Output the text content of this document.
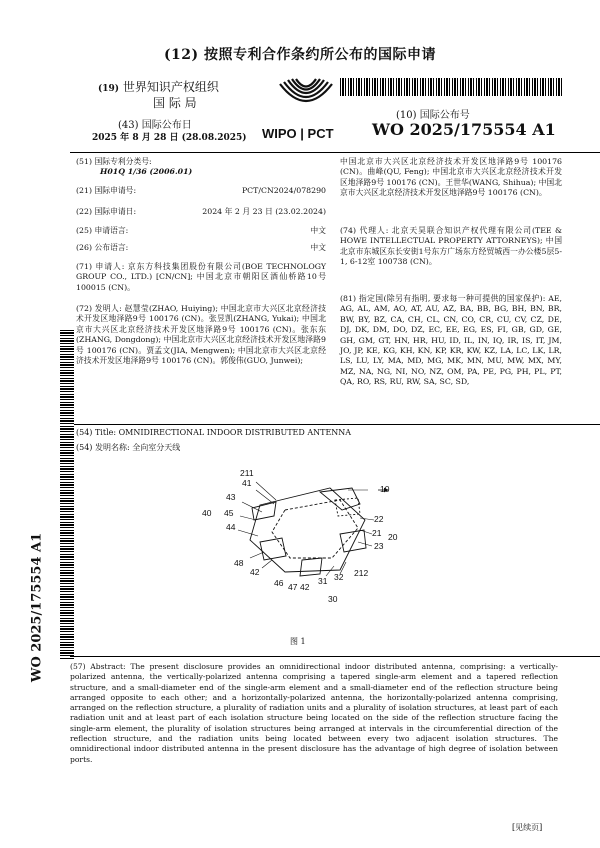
(12) 按照专利合作条约所公布的国际申请
(19) 世界知识产权组织
国 际 局
(43) 国际公布日
2025 年 8 月 28 日 (28.08.2025) WIPO | PCT
(10) 国际公布号
WO 2025/175554 A1
(51) 国际专利分类号:
H01Q 1/36 (2006.01)
(21) 国际申请号:	PCT/CN2024/078290
(22) 国际申请日:	2024 年 2 月 23 日 (23.02.2024)
(25) 申请语言:	中文
(26) 公布语言:	中文
(71) 申请人: 京东方科技集团股份有限公司(BOE TECHNOLOGY GROUP CO., LTD.) [CN/CN]; 中国北京市朝阳区酒仙桥路10号 100015 (CN)。
(72) 发明人: 赵慧莹(ZHAO, Huiying); 中国北京市大兴区北京经济技术开发区地泽路9号 100176 (CN)。张昱凯(ZHANG, Yukai); 中国北京市大兴区北京经济技术开发区地泽路9号 100176 (CN)。张东东(ZHANG, Dongdong); 中国北京市大兴区北京经济技术开发区地泽路9号 100176 (CN)。贾孟文(JIA, Mengwen); 中国北京市大兴区北京经济技术开发区地泽路9号 100176 (CN)。郭俊伟(GUO, Junwei);
中国北京市大兴区北京经济技术开发区地泽路9号 100176 (CN)。曲峰(QU, Feng); 中国北京市大兴区北京经济技术开发区地泽路9号 100176 (CN)。王世华(WANG, Shihua); 中国北京市大兴区北京经济技术开发区地泽路9号 100176 (CN)。
(74) 代理人: 北京天昊联合知识产权代理有限公司(TEE & HOWE INTELLECTUAL PROPERTY ATTORNEYS); 中国北京市东城区东长安街1号东方广场东方经贸城西一办公楼5层5-1, 6-12室 100738 (CN)。
(81) 指定国(除另有指明, 要求每一种可提供的国家保护): AE, AG, AL, AM, AO, AT, AU, AZ, BA, BB, BG, BH, BN, BR, BW, BY, BZ, CA, CH, CL, CN, CO, CR, CU, CV, CZ, DE, DJ, DK, DM, DO, DZ, EC, EE, EG, ES, FI, GB, GD, GE, GH, GM, GT, HN, HR, HU, ID, IL, IN, IQ, IR, IS, IT, JM, JO, JP, KE, KG, KH, KN, KP, KR, KW, KZ, LA, LC, LK, LR, LS, LU, LY, MA, MD, MG, MK, MN, MU, MW, MX, MY, MZ, NA, NG, NI, NO, NZ, OM, PA, PE, PG, PH, PL, PT, QA, RO, RS, RU, RW, SA, SC, SD,
(54) Title: OMNIDIRECTIONAL INDOOR DISTRIBUTED ANTENNA
(54) 发明名称: 全向室分天线
WO 2025/175554 A1
211
41
43
40 45
44
10
22
21 20
23
48
42
46 47 42
31 32 212
30
图 1
(57) Abstract: The present disclosure provides an omnidirectional indoor distributed antenna, comprising: a vertically-polarized antenna, the vertically-polarized antenna comprising a tapered single-arm element and a tapered reflection structure, and a small-diameter end of the single-arm element and a small-diameter end of the reflection structure being arranged opposite to each other; and a horizontally-polarized antenna, the horizontally-polarized antenna comprising, arranged on the reflection structure, a plurality of radiation units and a plurality of isolation structures, at least part of each radiation unit and at least part of each isolation structure being located on the side of the reflection structure facing the single-arm element, the plurality of isolation structures being arranged at intervals in the circumferential direction of the reflection structure, and the radiation units being located between every two adjacent isolation structures. The omnidirectional indoor distributed antenna in the present disclosure has the advantage of high degree of isolation between ports.
[见续页]
